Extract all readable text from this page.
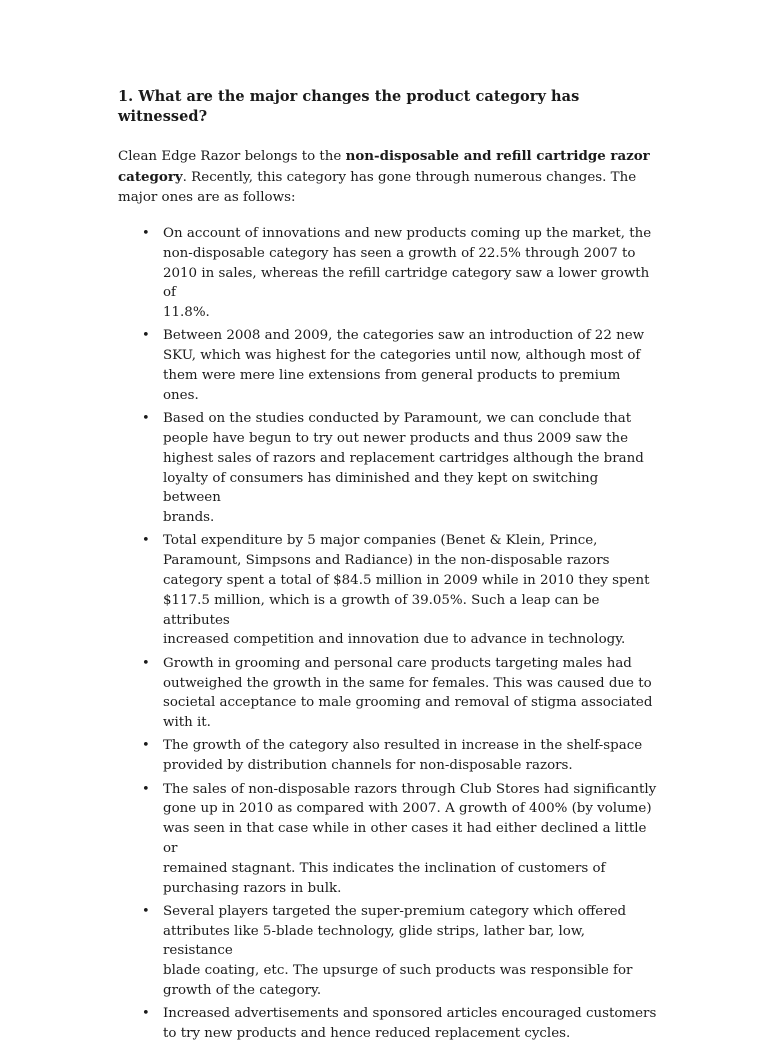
1. What are the major changes the product category has witnessed?

Clean Edge Razor belongs to the non-disposable and refill cartridge razor category. Recently, this category has gone through numerous changes. The major ones are as follows:

• On account of innovations and new products coming up the market, the
non-disposable category has seen a growth of 22.5% through 2007 to
2010 in sales, whereas the refill cartridge category saw a lower growth of
11.8%.
• Between 2008 and 2009, the categories saw an introduction of 22 new
SKU, which was highest for the categories until now, although most of
them were mere line extensions from general products to premium ones.
• Based on the studies conducted by Paramount, we can conclude that
people have begun to try out newer products and thus 2009 saw the
highest sales of razors and replacement cartridges although the brand
loyalty of consumers has diminished and they kept on switching between
brands.
• Total expenditure by 5 major companies (Benet & Klein, Prince,
Paramount, Simpsons and Radiance) in the non-disposable razors
category spent a total of $84.5 million in 2009 while in 2010 they spent
$117.5 million, which is a growth of 39.05%. Such a leap can be attributes
increased competition and innovation due to advance in technology.
• Growth in grooming and personal care products targeting males had
outweighed the growth in the same for females. This was caused due to
societal acceptance to male grooming and removal of stigma associated
with it.
• The growth of the category also resulted in increase in the shelf-space
provided by distribution channels for non-disposable razors.
• The sales of non-disposable razors through Club Stores had significantly
gone up in 2010 as compared with 2007. A growth of 400% (by volume)
was seen in that case while in other cases it had either declined a little or
remained stagnant. This indicates the inclination of customers of
purchasing razors in bulk.
• Several players targeted the super-premium category which offered
attributes like 5-blade technology, glide strips, lather bar, low, resistance
blade coating, etc. The upsurge of such products was responsible for
growth of the category.
• Increased advertisements and sponsored articles encouraged customers
to try new products and hence reduced replacement cycles.
